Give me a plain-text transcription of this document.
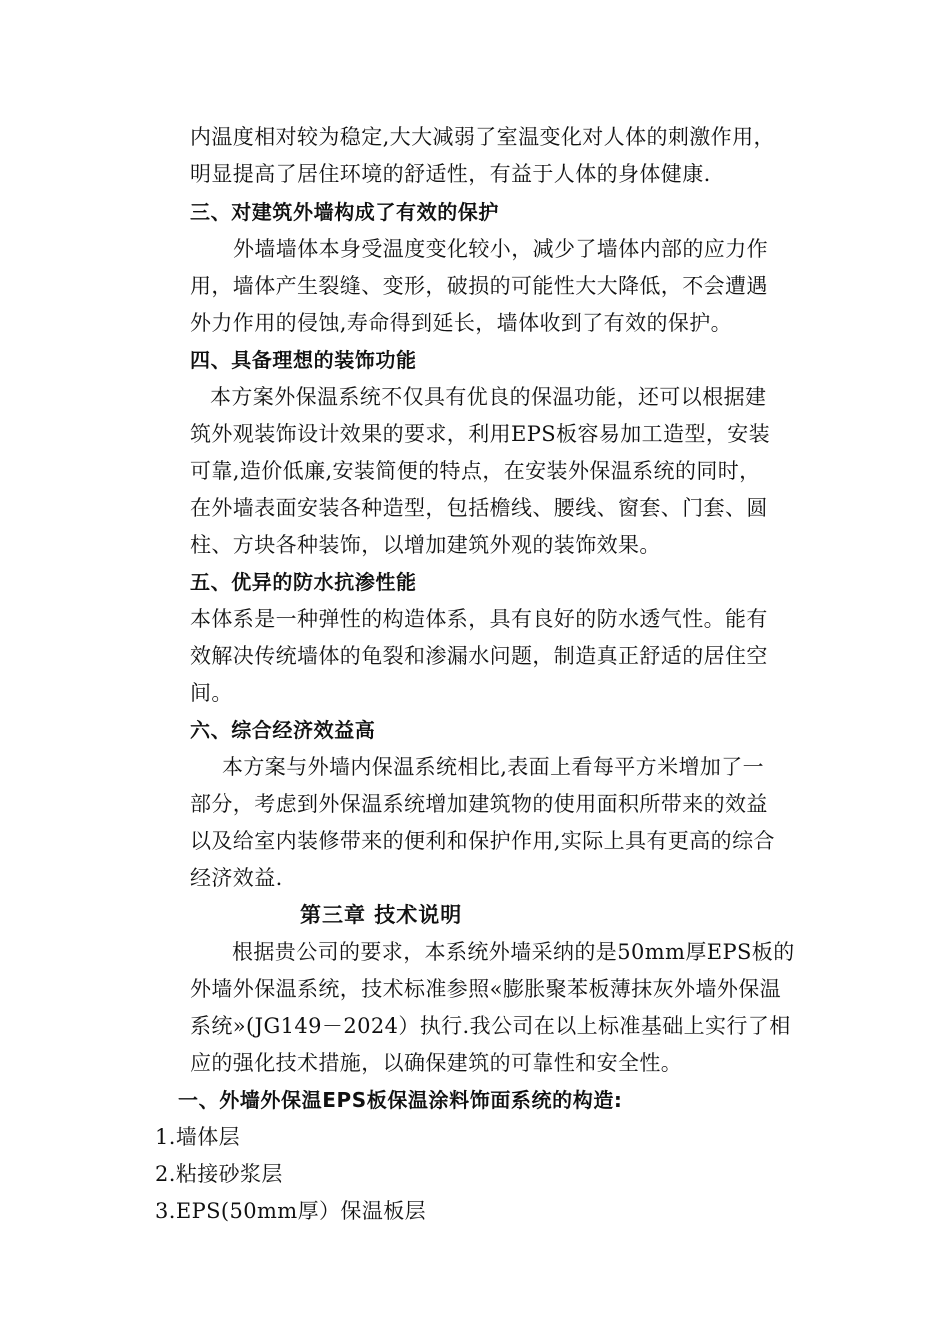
内温度相对较为稳定,大大减弱了室温变化对人体的刺激作用，
明显提高了居住环境的舒适性，有益于人体的身体健康.
三、对建筑外墙构成了有效的保护
外墙墙体本身受温度变化较小，减少了墙体内部的应力作
用，墙体产生裂缝、变形，破损的可能性大大降低，不会遭遇
外力作用的侵蚀,寿命得到延长，墙体收到了有效的保护。
四、具备理想的装饰功能
本方案外保温系统不仅具有优良的保温功能，还可以根据建
筑外观装饰设计效果的要求，利用EPS板容易加工造型，安装
可靠,造价低廉,安装简便的特点，在安装外保温系统的同时，
在外墙表面安装各种造型，包括檐线、腰线、窗套、门套、圆
柱、方块各种装饰，以增加建筑外观的装饰效果。
五、优异的防水抗渗性能
本体系是一种弹性的构造体系，具有良好的防水透气性。能有
效解决传统墙体的龟裂和渗漏水问题，制造真正舒适的居住空
间。
六、综合经济效益高
本方案与外墙内保温系统相比,表面上看每平方米增加了一
部分，考虑到外保温系统增加建筑物的使用面积所带来的效益
以及给室内装修带来的便利和保护作用,实际上具有更高的综合
经济效益.
第三章 技术说明
根据贵公司的要求，本系统外墙采纳的是50mm厚EPS板的
外墙外保温系统，技术标准参照«膨胀聚苯板薄抹灰外墙外保温
系统»(JG149－2024）执行.我公司在以上标准基础上实行了相
应的强化技术措施，以确保建筑的可靠性和安全性。
一、外墙外保温EPS板保温涂料饰面系统的构造:
1.墙体层
2.粘接砂浆层
3.EPS(50mm厚）保温板层
